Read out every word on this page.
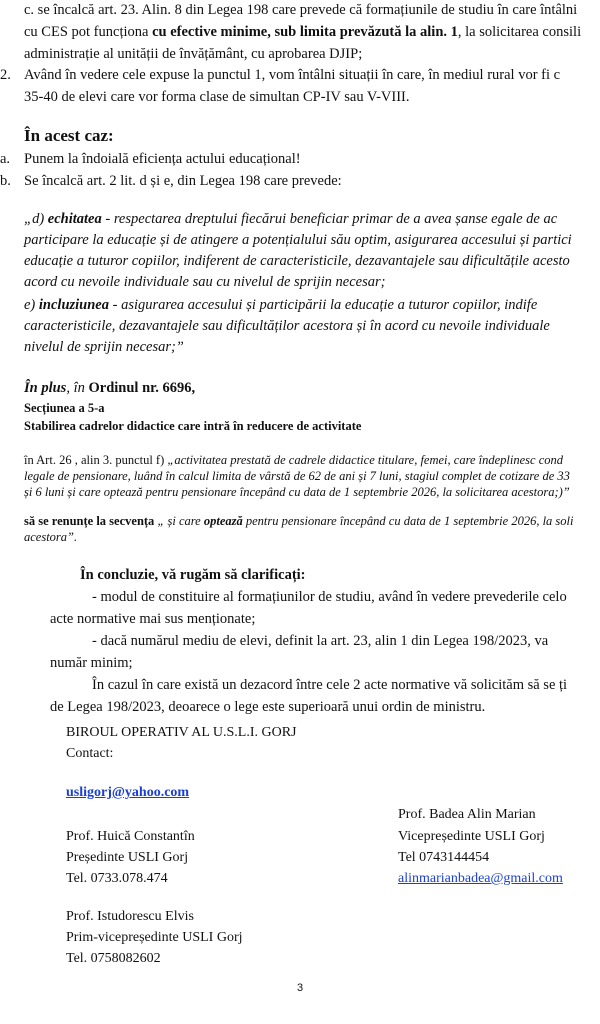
c. se încalcă art. 23. Alin. 8 din Legea 198 care prevede că formațiunile de studiu în care întâlni
cu CES pot funcționa cu efective minime, sub limita prevăzută la alin. 1, la solicitarea consili
administrație al unității de învățământ, cu aprobarea DJIP;
2. Având în vedere cele expuse la punctul 1, vom întâlni situații în care, în mediul rural vor fi c
35-40 de elevi care vor forma clase de simultan CP-IV sau V-VIII.
În acest caz:
a. Punem la îndoială eficiența actului educațional!
b. Se încalcă art. 2 lit. d și e, din Legea 198 care prevede:
„d) echitatea - respectarea dreptului fiecărui beneficiar primar de a avea șanse egale de ac
participare la educație și de atingere a potențialului său optim, asigurarea accesului și partici
educație a tuturor copiilor, indiferent de caracteristicile, dezavantajele sau dificultățile acesto
acord cu nevoile individuale sau cu nivelul de sprijin necesar;
e) incluziunea - asigurarea accesului și participării la educație a tuturor copiilor, indife
caracteristicile, dezavantajele sau dificultăților acestora și în acord cu nevoile individuale
nivelul de sprijin necesar;”
În plus, în Ordinul nr. 6696,
Secțiunea a 5-a
Stabilirea cadrelor didactice care intră în reducere de activitate
în Art. 26 , alin 3. punctul f) „activitatea prestată de cadrele didactice titulare, femei, care îndeplinesc cond
legale de pensionare, luând în calcul limita de vârstă de 62 de ani și 7 luni, stagiul complet de cotizare de 33
și 6 luni și care optează pentru pensionare începând cu data de 1 septembrie 2026, la solicitarea acestora;)”
să se renunțe la secvența „ și care optează pentru pensionare începând cu data de 1 septembrie 2026, la soli
acestora”.
În concluzie, vă rugăm să clarificați:
- modul de constituire al formațiunilor de studiu, având în vedere prevederile celo
acte normative mai sus menționate;
- dacă numărul mediu de elevi, definit la art. 23, alin 1 din Legea 198/2023, va
număr minim;
În cazul în care există un dezacord între cele 2 acte normative vă solicităm să se ți
de Legea 198/2023, deoarece o lege este superioară unui ordin de ministru.
BIROUL OPERATIV AL U.S.L.I. GORJ
Contact:
usligorj@yahoo.com
Prof. Badea Alin Marian
Prof. Huică Constantîn	Vicepreședinte USLI Gorj
Președinte USLI Gorj	Tel 0743144454
Tel. 0733.078.474	alinmarianbadea@gmail.com
Prof. Istudorescu Elvis
Prim-vicepreședinte USLI Gorj
Tel. 0758082602
3
